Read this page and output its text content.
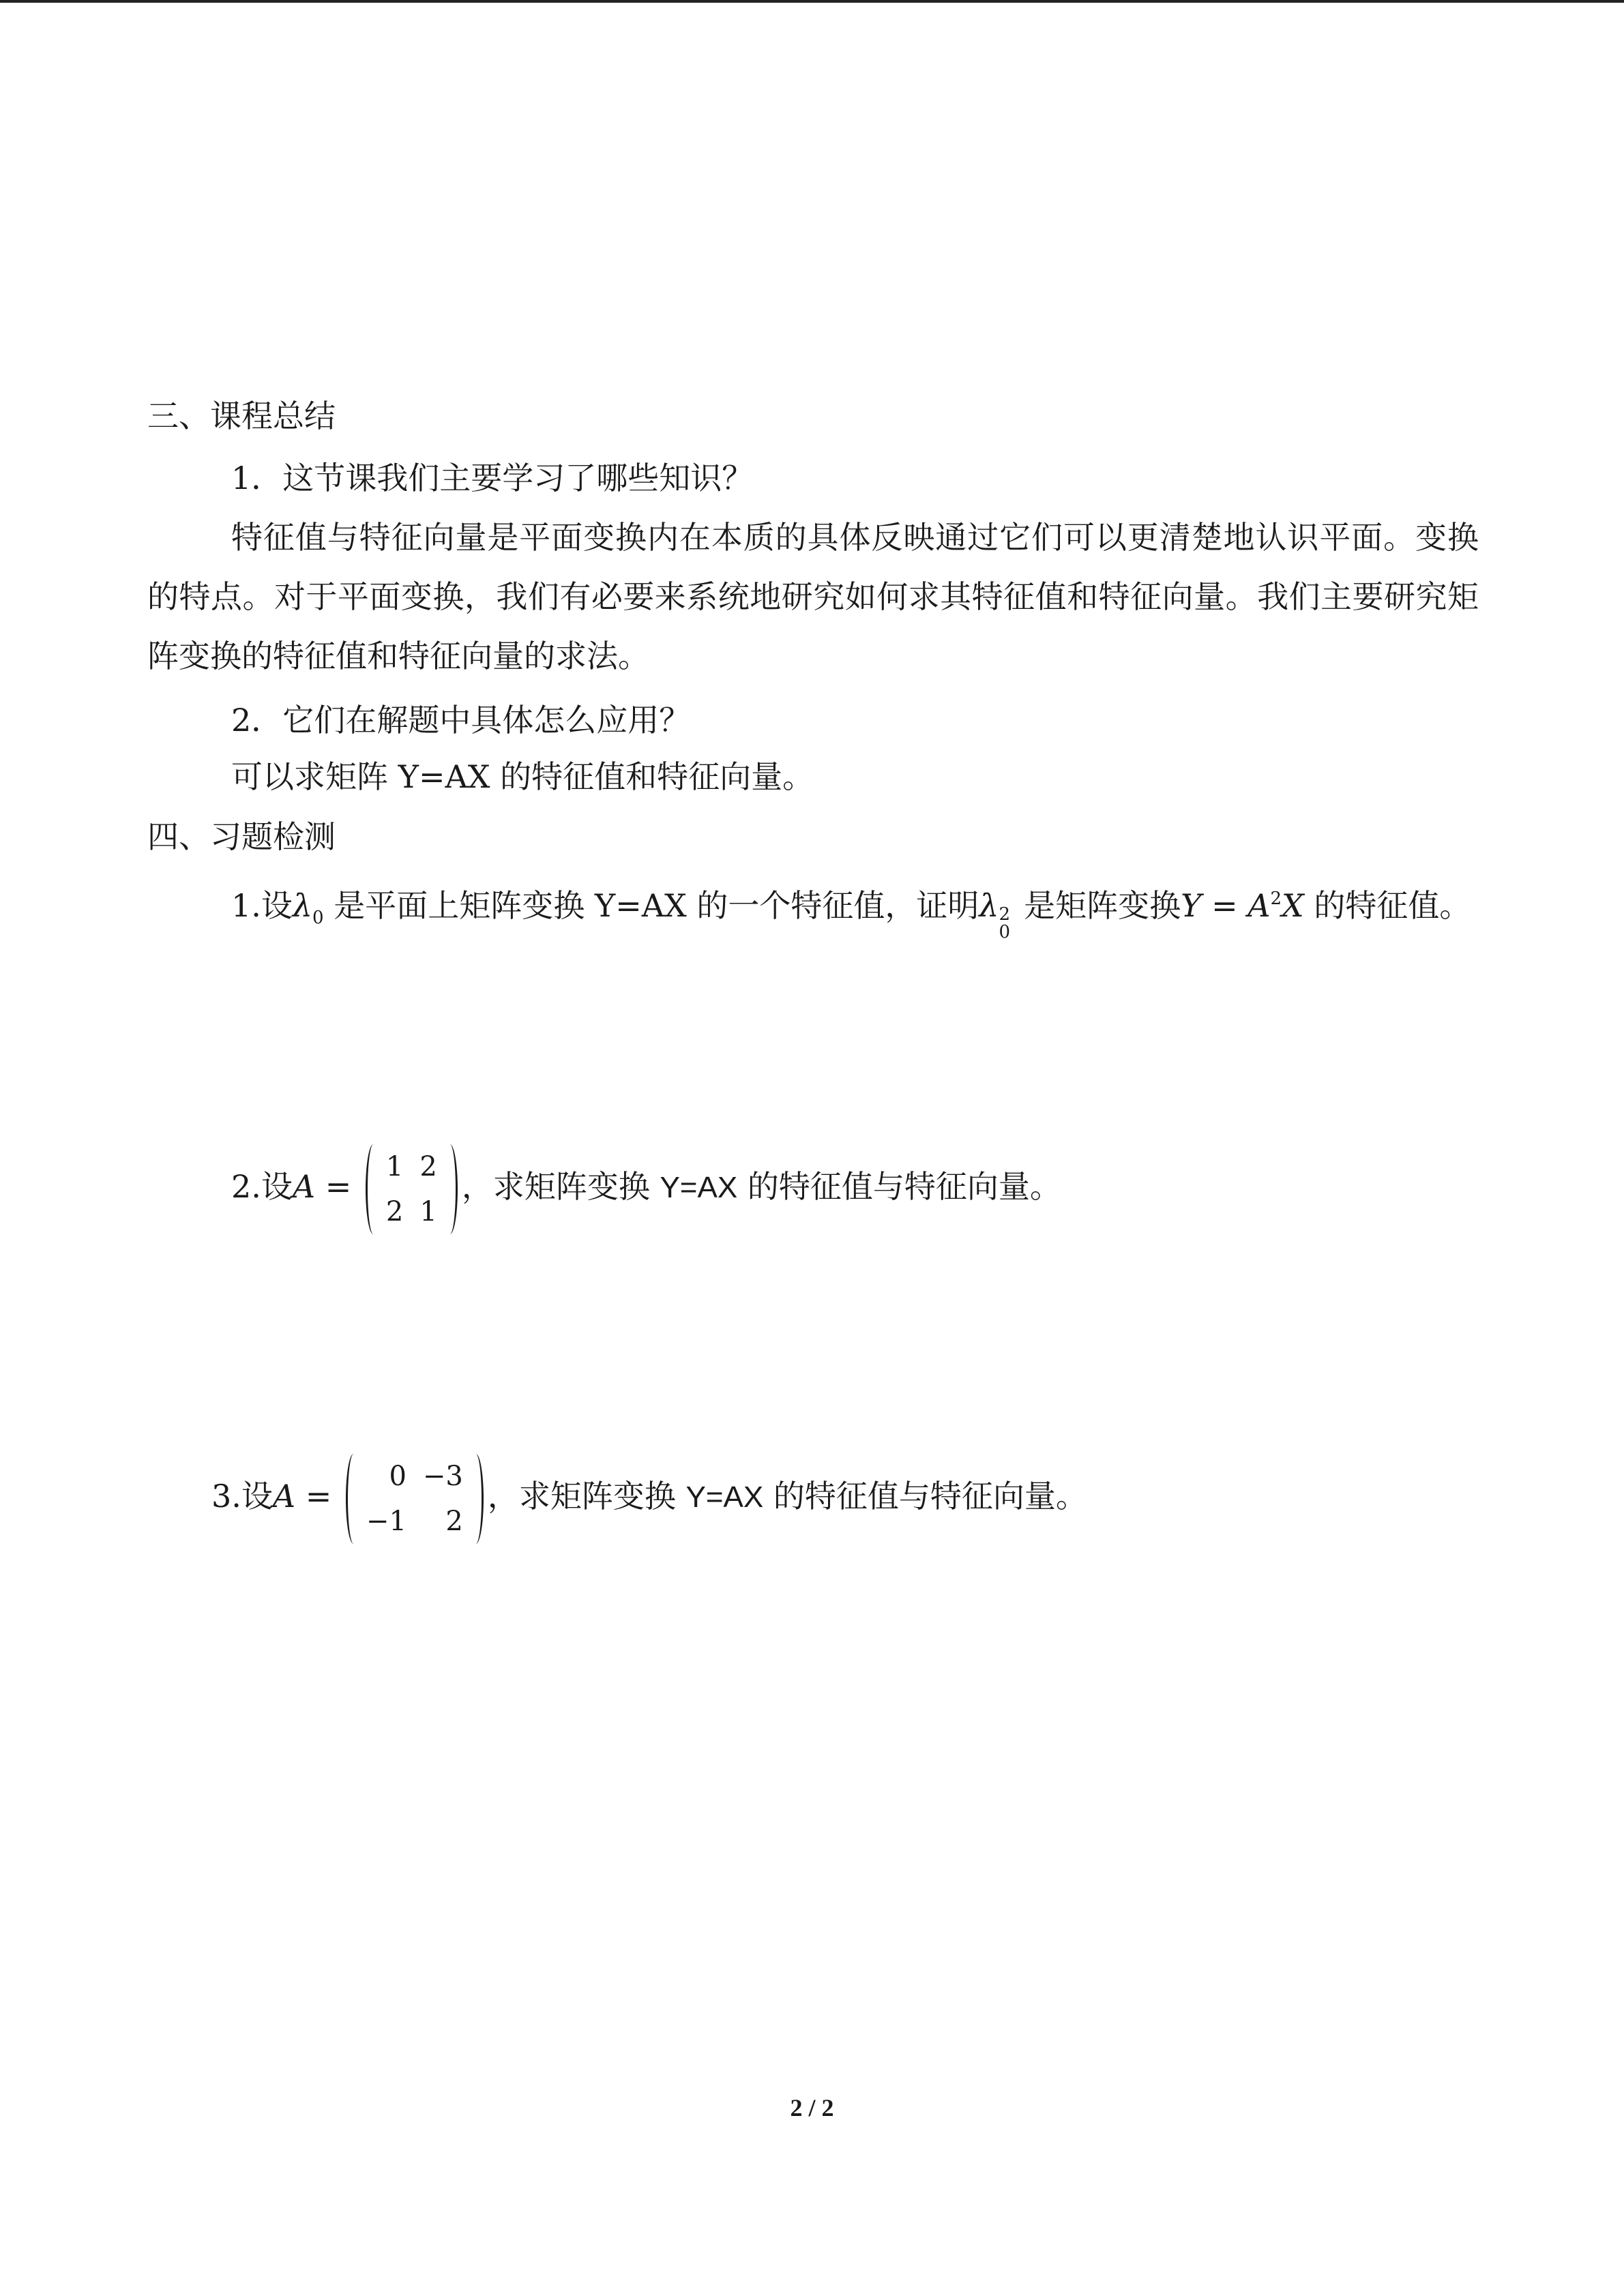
三、课程总结
1．这节课我们主要学习了哪些知识？

特征值与特征向量是平面变换内在本质的具体反映通过它们可以更清楚地认识平面。变换的特点。对于平面变换，我们有必要来系统地研究如何求其特征值和特征向量。我们主要研究矩阵变换的特征值和特征向量的求法。

2．它们在解题中具体怎么应用？
可以求矩阵 Y=AX 的特征值和特征向量。
四、习题检测
1.设$\lambda_0$ 是平面上矩阵变换 Y=AX 的一个特征值，证明λ 2
0
是矩阵变换$Y = A^2X$ 的特征值。
2.设A =
1	2
2	1
，求矩阵变换 Y=AX 的特征值与特征向量。
3.设A =
0	−3
−1	2
，求矩阵变换 Y=AX 的特征值与特征向量。
2 / 2
